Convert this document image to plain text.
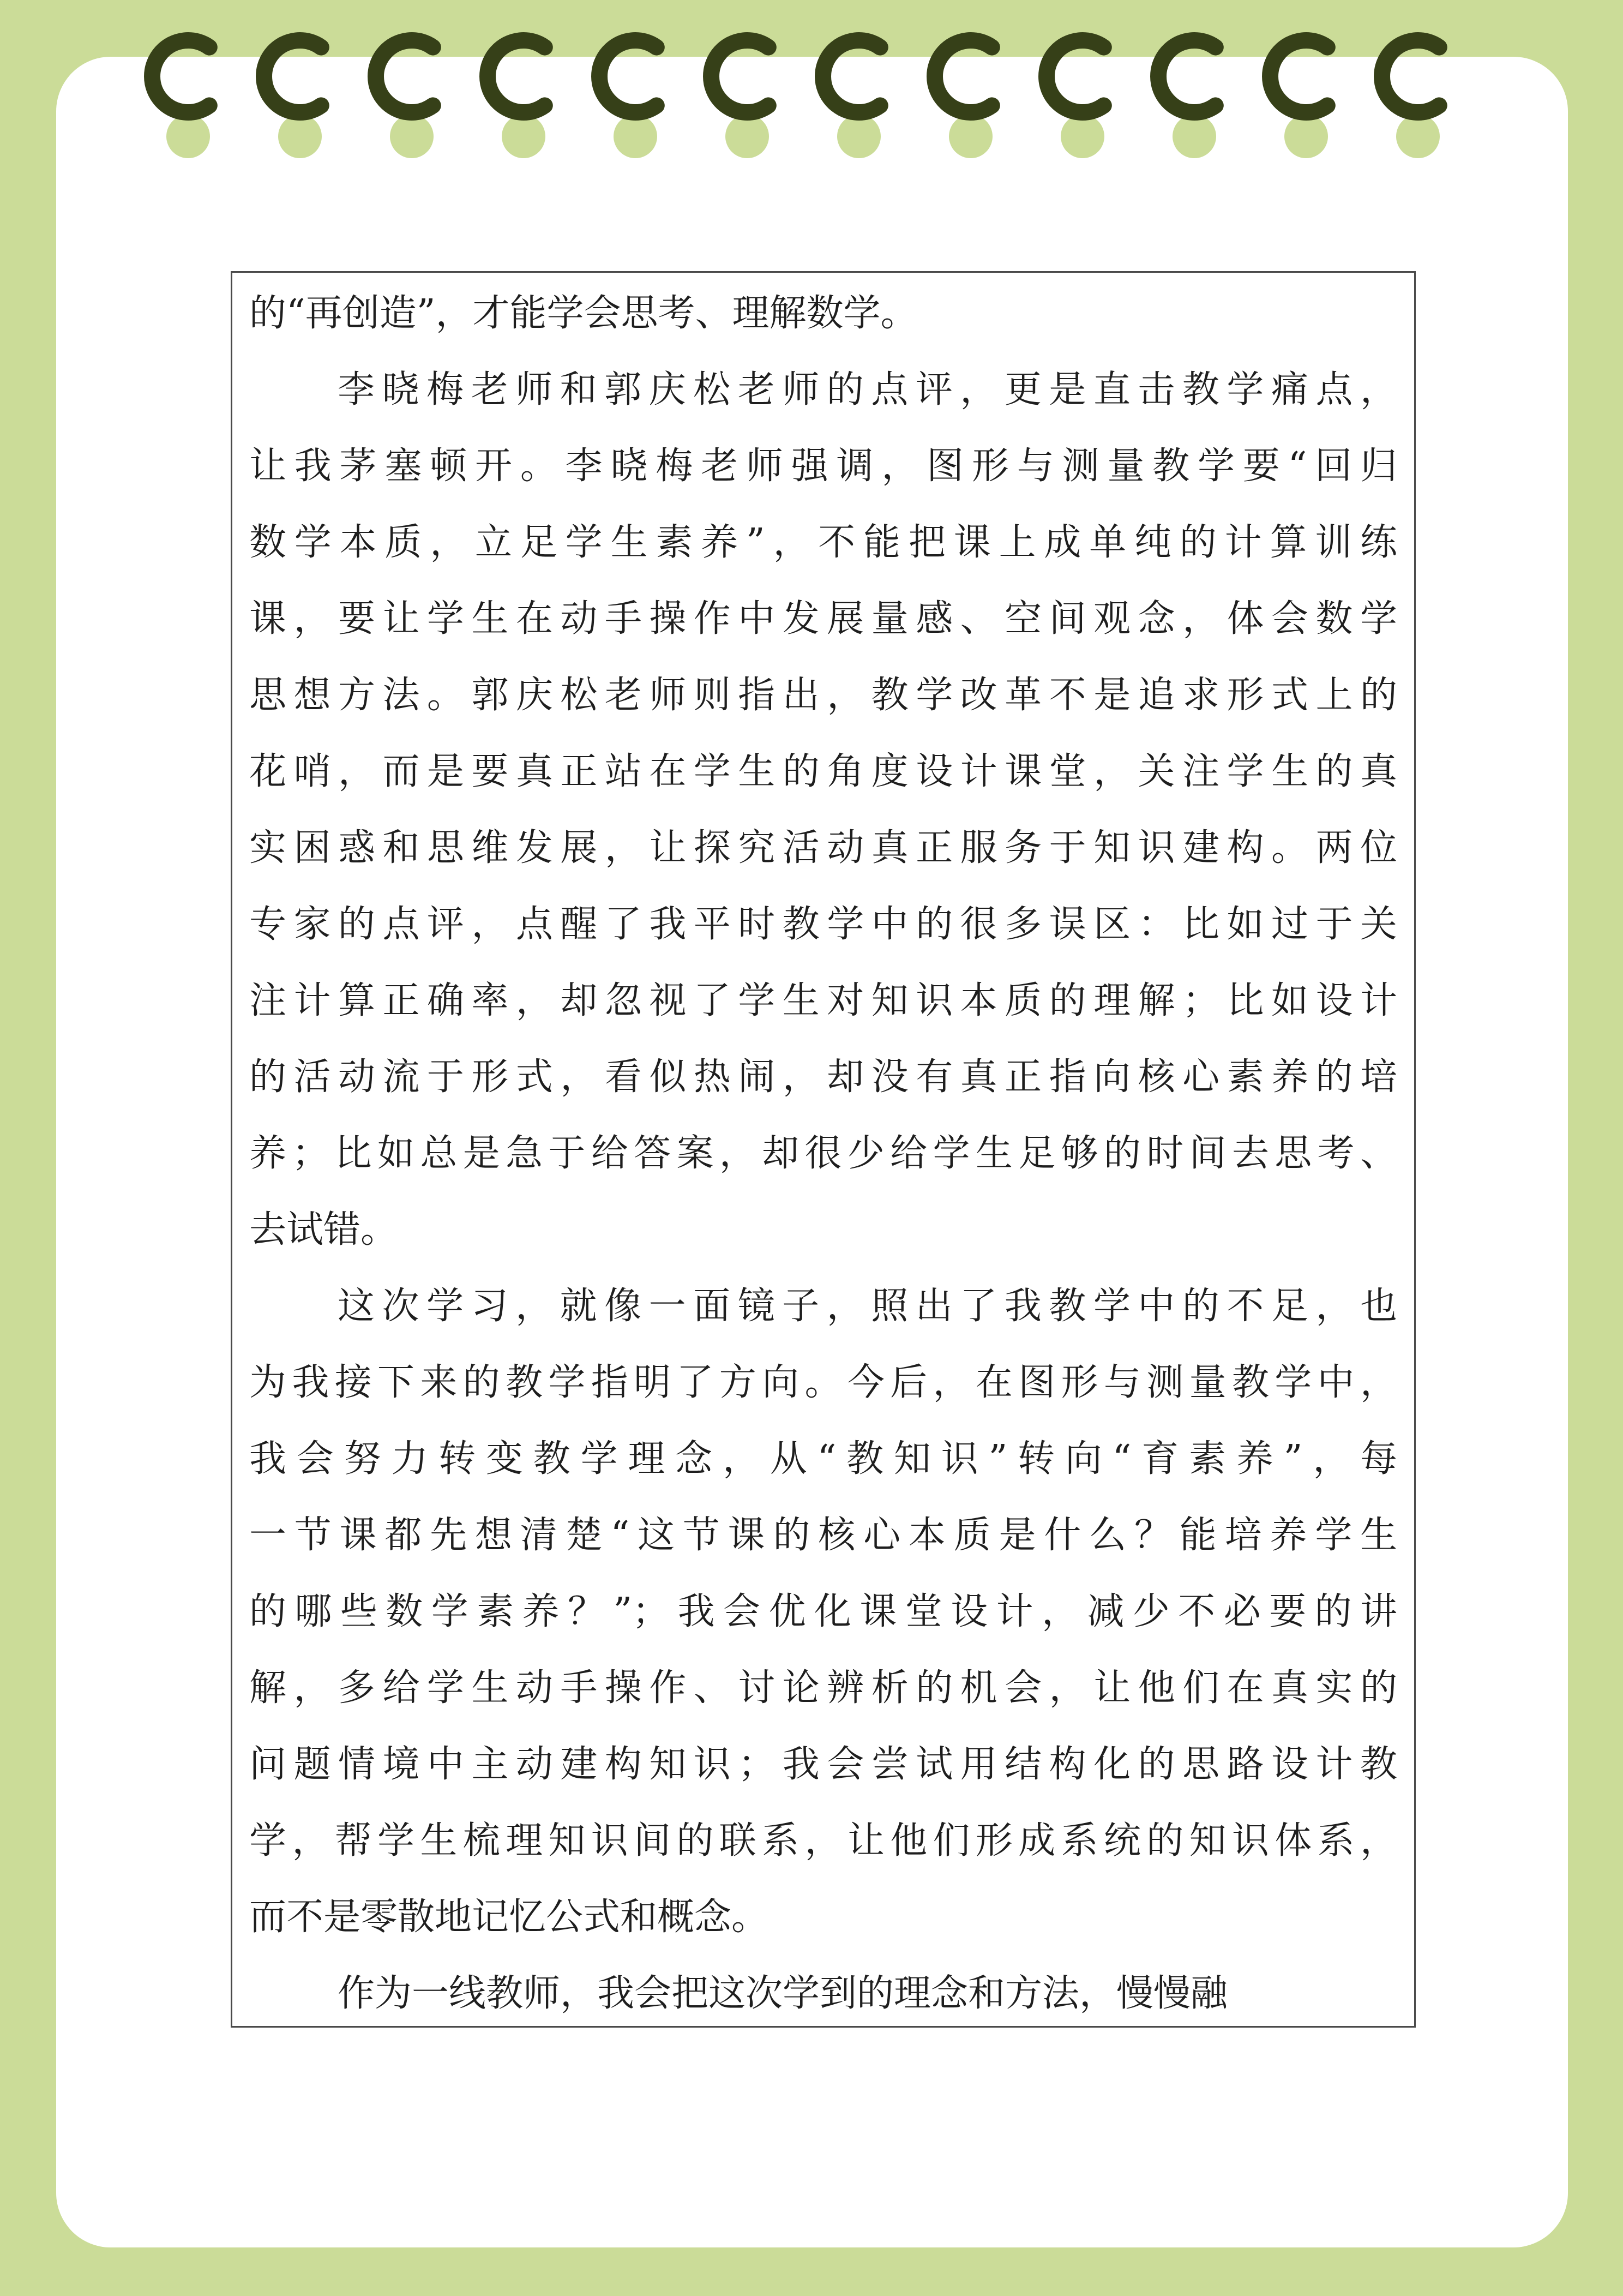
的“再创造”，才能学会思考、理解数学。
李晓梅老师和郭庆松老师的点评，更是直击教学痛点，
让我茅塞顿开。李晓梅老师强调，图形与测量教学要“回归
数学本质，立足学生素养”，不能把课上成单纯的计算训练
课，要让学生在动手操作中发展量感、空间观念，体会数学
思想方法。郭庆松老师则指出，教学改革不是追求形式上的
花哨，而是要真正站在学生的角度设计课堂，关注学生的真
实困惑和思维发展，让探究活动真正服务于知识建构。两位
专家的点评，点醒了我平时教学中的很多误区：比如过于关
注计算正确率，却忽视了学生对知识本质的理解；比如设计
的活动流于形式，看似热闹，却没有真正指向核心素养的培
养；比如总是急于给答案，却很少给学生足够的时间去思考、
去试错。
这次学习，就像一面镜子，照出了我教学中的不足，也
为我接下来的教学指明了方向。今后，在图形与测量教学中，
我会努力转变教学理念，从“教知识”转向“育素养”，每
一节课都先想清楚“这节课的核心本质是什么？能培养学生
的哪些数学素养？”；我会优化课堂设计，减少不必要的讲
解，多给学生动手操作、讨论辨析的机会，让他们在真实的
问题情境中主动建构知识；我会尝试用结构化的思路设计教
学，帮学生梳理知识间的联系，让他们形成系统的知识体系，
而不是零散地记忆公式和概念。
作为一线教师，我会把这次学到的理念和方法，慢慢融
